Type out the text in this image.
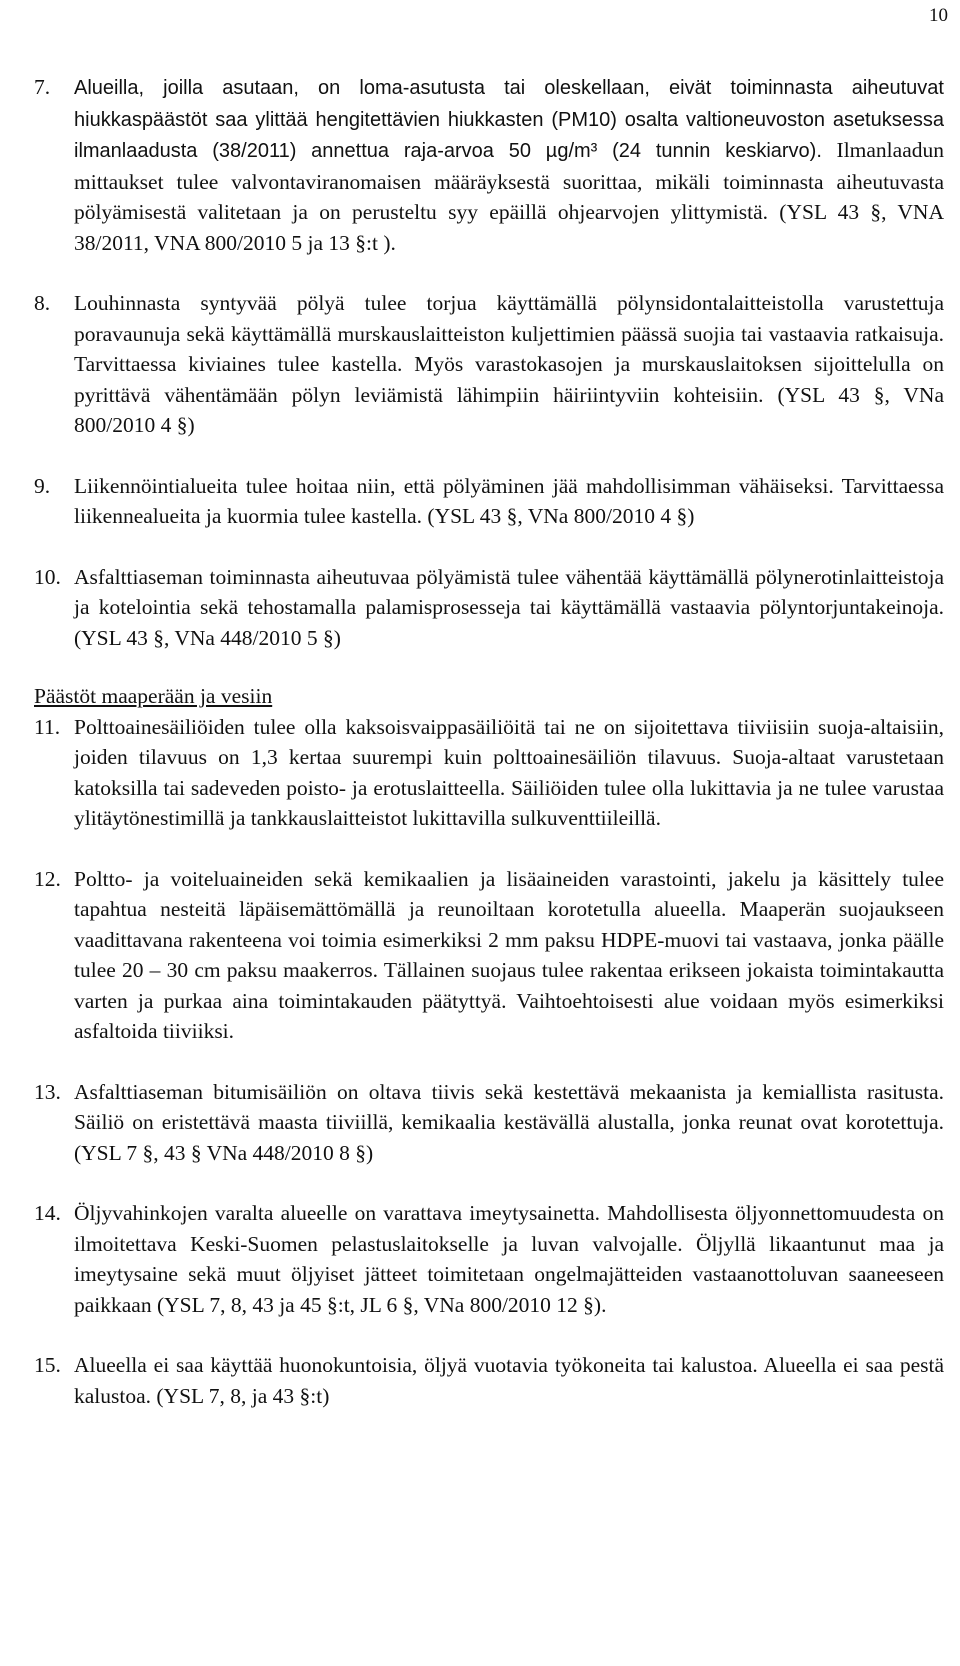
10
7.	Alueilla, joilla asutaan, on loma-asutusta tai oleskellaan, eivät toiminnasta aiheutuvat hiukkaspäästöt saa ylittää hengitettävien hiukkasten (PM10) osalta valtioneuvoston asetuksessa ilmanlaadusta (38/2011) annettua raja-arvoa 50 µg/m³ (24 tunnin keskiarvo). Ilmanlaadun mittaukset tulee valvontaviranomaisen määräyksestä suorittaa, mikäli toiminnasta aiheutuvasta pölyämisestä valitetaan ja on perusteltu syy epäillä ohjearvojen ylittymistä. (YSL 43 §, VNA 38/2011, VNA 800/2010 5 ja 13 §:t ).
8.	Louhinnasta syntyvää pölyä tulee torjua käyttämällä pölynsidontalaitteistolla varustettuja poravaunuja sekä käyttämällä murskauslaitteiston kuljettimien päässä suojia tai vastaavia ratkaisuja. Tarvittaessa kiviaines tulee kastella. Myös varastokasojen ja murskauslaitoksen sijoittelulla on pyrittävä vähentämään pölyn leviämistä lähimpiin häiriintyviin kohteisiin. (YSL 43 §, VNa 800/2010 4 §)
9.	Liikennöintialueita tulee hoitaa niin, että pölyäminen jää mahdollisimman vähäiseksi. Tarvittaessa liikennealueita ja kuormia tulee kastella. (YSL 43 §, VNa 800/2010 4 §)
10. Asfalttiaseman toiminnasta aiheutuvaa pölyämistä tulee vähentää käyttämällä pölynerotinlaitteistoja ja kotelointia sekä tehostamalla palamisprosesseja tai käyttämällä vastaavia pölyntorjuntakeinoja. (YSL 43 §, VNa 448/2010 5 §)
Päästöt maaperään ja vesiin
11. Polttoainesäiliöiden tulee olla kaksoisvaippasäiliöitä tai ne on sijoitettava tiiviisiin suoja-altaisiin, joiden tilavuus on 1,3 kertaa suurempi kuin polttoainesäiliön tilavuus. Suoja-altaat varustetaan katoksilla tai sadeveden poisto- ja erotuslaitteella. Säiliöiden tulee olla lukittavia ja ne tulee varustaa ylitäytönestimillä ja tankkauslaitteistot lukittavilla sulkuventtiileillä.
12. Poltto- ja voiteluaineiden sekä kemikaalien ja lisäaineiden varastointi, jakelu ja käsittely tulee tapahtua nesteitä läpäisemättömällä ja reunoiltaan korotetulla alueella. Maaperän suojaukseen vaadittavana rakenteena voi toimia esimerkiksi 2 mm paksu HDPE-muovi tai vastaava, jonka päälle tulee 20 – 30 cm paksu maakerros. Tällainen suojaus tulee rakentaa erikseen jokaista toimintakautta varten ja purkaa aina toimintakauden päätyttyä. Vaihtoehtoisesti alue voidaan myös esimerkiksi asfaltoida tiiviiksi.
13. Asfalttiaseman bitumisäiliön on oltava tiivis sekä kestettävä mekaanista ja kemiallista rasitusta. Säiliö on eristettävä maasta tiiviillä, kemikaalia kestävällä alustalla, jonka reunat ovat korotettuja. (YSL 7 §, 43 § VNa 448/2010 8 §)
14. Öljyvahinkojen varalta alueelle on varattava imeytysainetta. Mahdollisesta öljyonnettomuudesta on ilmoitettava Keski-Suomen pelastuslaitokselle ja luvan valvojalle. Öljyllä likaantunut maa ja imeytysaine sekä muut öljyiset jätteet toimitetaan ongelmajätteiden vastaanottoluvan saaneeseen paikkaan (YSL 7, 8, 43 ja 45 §:t, JL 6 §, VNa 800/2010 12 §).
15. Alueella ei saa käyttää huonokuntoisia, öljyä vuotavia työkoneita tai kalustoa. Alueella ei saa pestä kalustoa. (YSL 7, 8, ja 43 §:t)
